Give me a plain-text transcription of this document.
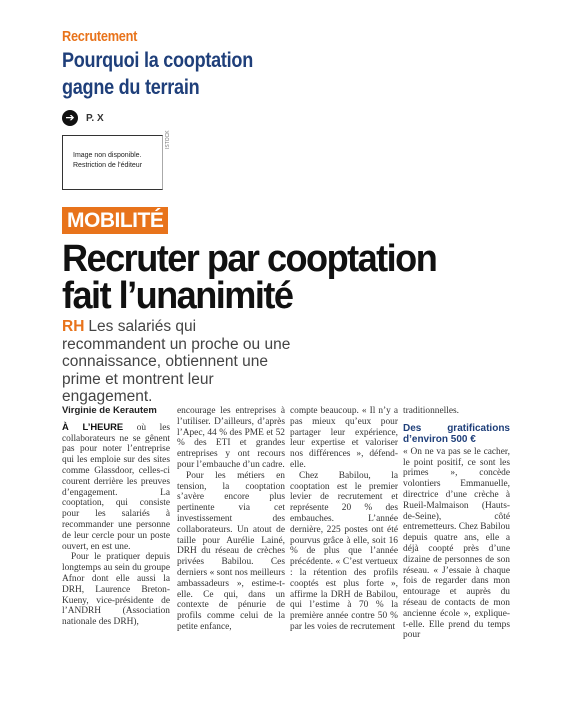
Recrutement
Pourquoi la cooptation
gagne du terrain
➔	P. X
Image non disponible.
Restriction de l'éditeur
ISTOCK
MOBILITÉ
Recruter par cooptation
fait l’unanimité
RH Les salariés qui recommandent un proche ou une connaissance, obtiennent une prime et montrent leur engagement.
Virginie de Kerautem

À L’HEURE où les collaborateurs ne se gênent pas pour noter l’entreprise qui les emploie sur des sites comme Glassdoor, celles-ci courent derrière les preuves d’engagement. La cooptation, qui consiste pour les salariés à recommander une personne de leur cercle pour un poste ouvert, en est une.

Pour le pratiquer depuis longtemps au sein du groupe Afnor dont elle aussi la DRH, Laurence Breton-Kueny, vice-présidente de l’ANDRH (Association nationale des DRH),

encourage les entreprises à l’utiliser. D’ailleurs, d’après l’Apec, 44 % des PME et 52 % des ETI et grandes entreprises y ont recours pour l’embauche d’un cadre.

Pour les métiers en tension, la cooptation s’avère encore plus pertinente via cet investissement des collaborateurs. Un atout de taille pour Aurélie Lainé, DRH du réseau de crèches privées Babilou. Ces derniers « sont nos meilleurs ambassadeurs », estime-t-elle. Ce qui, dans un contexte de pénurie de profils comme celui de la petite enfance,

compte beaucoup. « Il n’y a pas mieux qu’eux pour partager leur expérience, leur expertise et valoriser nos différences », défend-elle.

Chez Babilou, la cooptation est le premier levier de recrutement et représente 20 % des embauches. L’année dernière, 225 postes ont été pourvus grâce à elle, soit 16 % de plus que l’année précédente. « C’est vertueux : la rétention des profils cooptés est plus forte », affirme la DRH de Babilou, qui l’estime à 70 % la première année contre 50 % par les voies de recrutement

traditionnelles.

Des gratifications d’environ 500 €

« On ne va pas se le cacher, le point positif, ce sont les primes », concède volontiers Emmanuelle, directrice d’une crèche à Rueil-Malmaison (Hauts-de-Seine), côté entremetteurs. Chez Babilou depuis quatre ans, elle a déjà coopté près d’une dizaine de personnes de son réseau. « J’essaie à chaque fois de regarder dans mon entourage et auprès du réseau de contacts de mon ancienne école », explique-t-elle. Elle prend du temps pour
